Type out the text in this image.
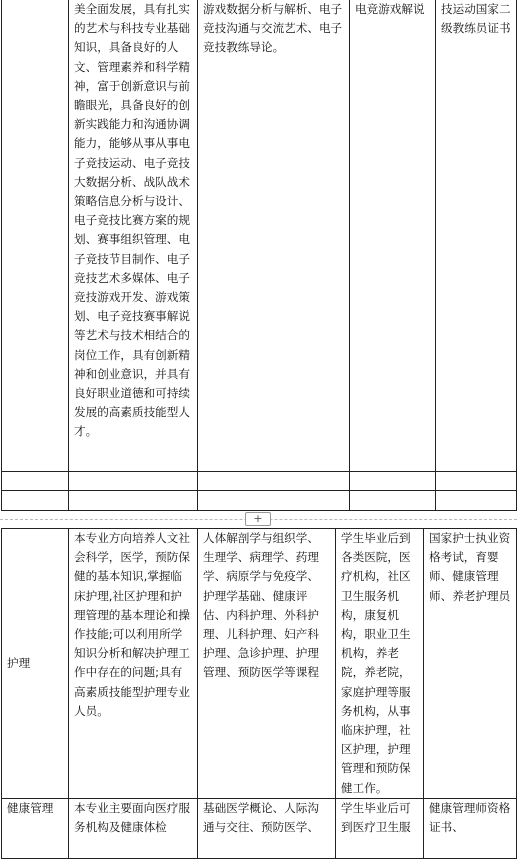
	美全面发展，具有扎实的艺术与科技专业基础知识，具备良好的人文、管理素养和科学精神，富于创新意识与前瞻眼光，具备良好的创新实践能力和沟通协调能力，能够从事从事电子竞技运动、电子竞技大数据分析、战队战术策略信息分析与设计、电子竞技比赛方案的规划、赛事组织管理、电子竞技节目制作、电子竞技艺术多媒体、电子竞技游戏开发、游戏策划、电子竞技赛事解说等艺术与技术相结合的岗位工作，具有创新精神和创业意识，并具有良好职业道德和可持续发展的高素质技能型人才。	游戏数据分析与解析、电子竞技沟通与交流艺术、电子竞技教练导论。	电竞游戏解说	技运动国家二级教练员证书

+
护理	本专业方向培养人文社会科学，医学，预防保健的基本知识,掌握临床护理,社区护理和护理管理的基本理论和操作技能;可以利用所学知识分析和解决护理工作中存在的问题;具有高素质技能型护理专业人员。	人体解剖学与组织学、生理学、病理学、药理学、病原学与免疫学、护理学基础、健康评估、内科护理、外科护理、儿科护理、妇产科护理、急诊护理、护理管理、预防医学等课程	学生毕业后到各类医院，医疗机构，社区卫生服务机构，康复机构，职业卫生机构，养老院，养老院，家庭护理等服务机构，从事临床护理，社区护理，护理管理和预防保健工作。	国家护士执业资格考试，育婴师、健康管理师、养老护理员
健康管理	本专业主要面向医疗服务机构及健康体检	基础医学概论、人际沟通与交往、预防医学、	学生毕业后可到医疗卫生服	健康管理师资格证书、
